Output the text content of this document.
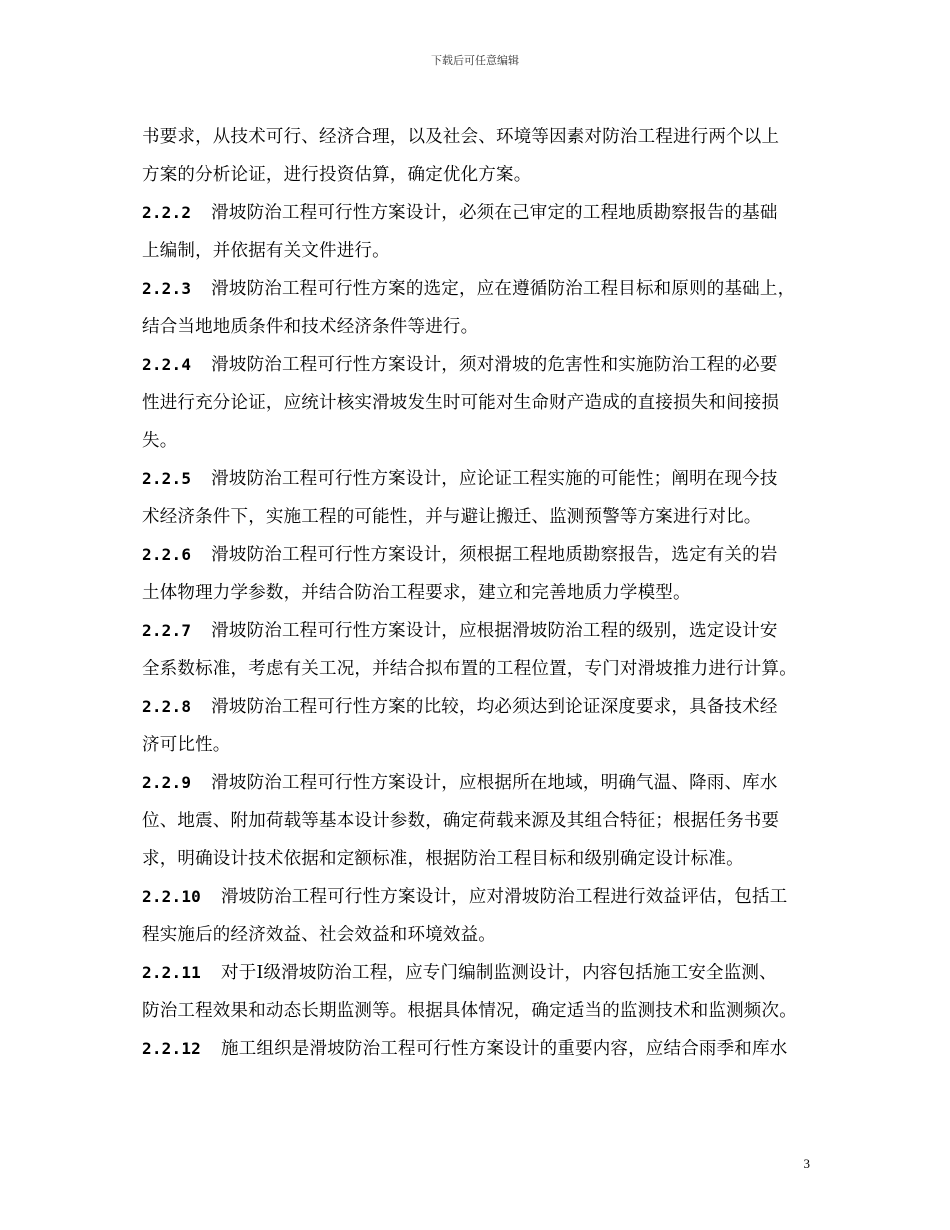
下载后可任意编辑
书要求，从技术可行、经济合理，以及社会、环境等因素对防治工程进行两个以上
方案的分析论证，进行投资估算，确定优化方案。
2.2.2 滑坡防治工程可行性方案设计，必须在己审定的工程地质勘察报告的基础
上编制，并依据有关文件进行。
2.2.3 滑坡防治工程可行性方案的选定，应在遵循防治工程目标和原则的基础上，
结合当地地质条件和技术经济条件等进行。
2.2.4 滑坡防治工程可行性方案设计，须对滑坡的危害性和实施防治工程的必要
性进行充分论证，应统计核实滑坡发生时可能对生命财产造成的直接损失和间接损
失。
2.2.5 滑坡防治工程可行性方案设计，应论证工程实施的可能性；阐明在现今技
术经济条件下，实施工程的可能性，并与避让搬迁、监测预警等方案进行对比。
2.2.6 滑坡防治工程可行性方案设计，须根据工程地质勘察报告，选定有关的岩
土体物理力学参数，并结合防治工程要求，建立和完善地质力学模型。
2.2.7 滑坡防治工程可行性方案设计，应根据滑坡防治工程的级别，选定设计安
全系数标准，考虑有关工况，并结合拟布置的工程位置，专门对滑坡推力进行计算。
2.2.8 滑坡防治工程可行性方案的比较，均必须达到论证深度要求，具备技术经
济可比性。
2.2.9 滑坡防治工程可行性方案设计，应根据所在地域，明确气温、降雨、库水
位、地震、附加荷载等基本设计参数，确定荷载来源及其组合特征；根据任务书要
求，明确设计技术依据和定额标准，根据防治工程目标和级别确定设计标准。
2.2.10 滑坡防治工程可行性方案设计，应对滑坡防治工程进行效益评估，包括工
程实施后的经济效益、社会效益和环境效益。
2.2.11 对于Ⅰ级滑坡防治工程，应专门编制监测设计，内容包括施工安全监测、
防治工程效果和动态长期监测等。根据具体情况，确定适当的监测技术和监测频次。
2.2.12 施工组织是滑坡防治工程可行性方案设计的重要内容，应结合雨季和库水
3
